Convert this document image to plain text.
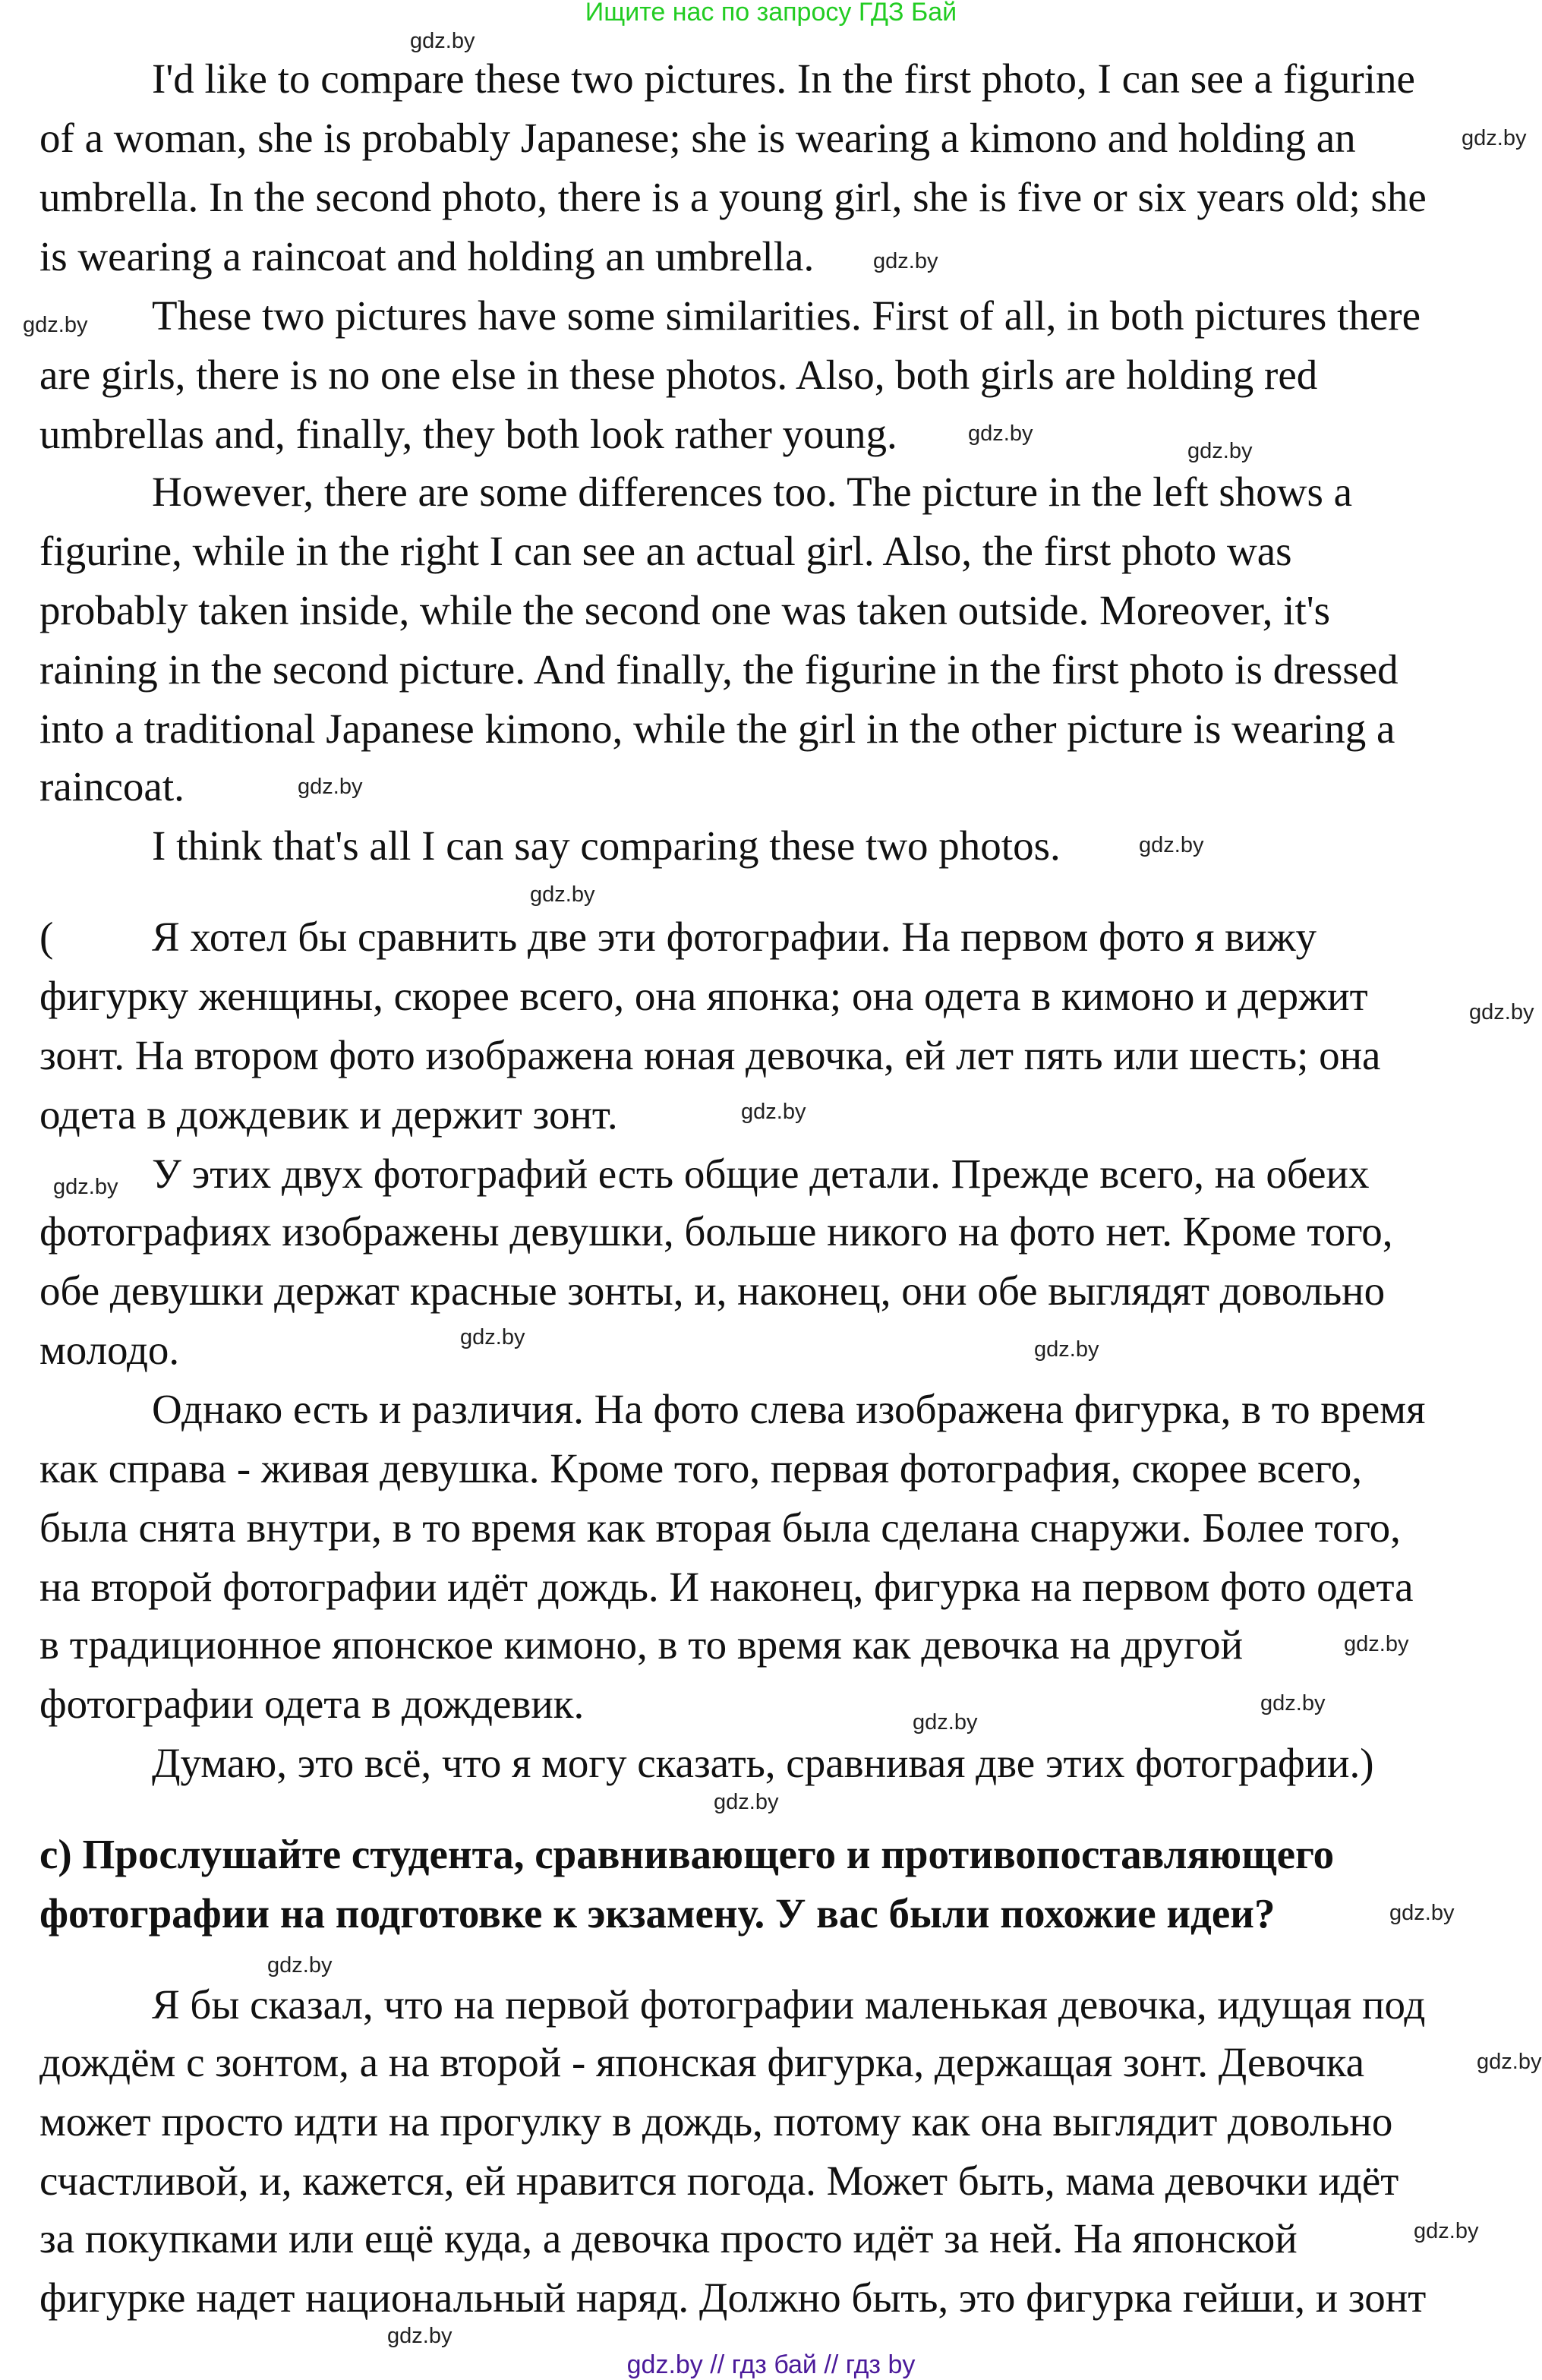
Ищите нас по запросу ГДЗ Бай
I'd like to compare these two pictures. In the first photo, I can see a figurine
of a woman, she is probably Japanese; she is wearing a kimono and holding an
umbrella. In the second photo, there is a young girl, she is five or six years old; she
is wearing a raincoat and holding an umbrella.
These two pictures have some similarities. First of all, in both pictures there
are girls, there is no one else in these photos. Also, both girls are holding red
umbrellas and, finally, they both look rather young.
However, there are some differences too. The picture in the left shows a
figurine, while in the right I can see an actual girl. Also, the first photo was
probably taken inside, while the second one was taken outside. Moreover, it's
raining in the second picture. And finally, the figurine in the first photo is dressed
into a traditional Japanese kimono, while the girl in the other picture is wearing a
raincoat.
I think that's all I can say comparing these two photos.
( Я хотел бы сравнить две эти фотографии. На первом фото я вижу
фигурку женщины, скорее всего, она японка; она одета в кимоно и держит
зонт. На втором фото изображена юная девочка, ей лет пять или шесть; она
одета в дождевик и держит зонт.
У этих двух фотографий есть общие детали. Прежде всего, на обеих
фотографиях изображены девушки, больше никого на фото нет. Кроме того,
обе девушки держат красные зонты, и, наконец, они обе выглядят довольно
молодо.
Однако есть и различия. На фото слева изображена фигурка, в то время
как справа - живая девушка. Кроме того, первая фотография, скорее всего,
была снята внутри, в то время как вторая была сделана снаружи. Более того,
на второй фотографии идёт дождь. И наконец, фигурка на первом фото одета
в традиционное японское кимоно, в то время как девочка на другой
фотографии одета в дождевик.
Думаю, это всё, что я могу сказать, сравнивая две этих фотографии.)
с) Прослушайте студента, сравнивающего и противопоставляющего
фотографии на подготовке к экзамену. У вас были похожие идеи?
Я бы сказал, что на первой фотографии маленькая девочка, идущая под
дождём с зонтом, а на второй - японская фигурка, держащая зонт. Девочка
может просто идти на прогулку в дождь, потому как она выглядит довольно
счастливой, и, кажется, ей нравится погода. Может быть, мама девочки идёт
за покупками или ещё куда, а девочка просто идёт за ней. На японской
фигурке надет национальный наряд. Должно быть, это фигурка гейши, и зонт
gdz.by
gdz.by
gdz.by
gdz.by
gdz.by
gdz.by
gdz.by
gdz.by
gdz.by
gdz.by
gdz.by
gdz.by
gdz.by	gdz.by
gdz.by
gdz.by
gdz.by
gdz.by
gdz.by
gdz.by
gdz.by
gdz.by
gdz.by
gdz.by // гдз бай // гдз by
